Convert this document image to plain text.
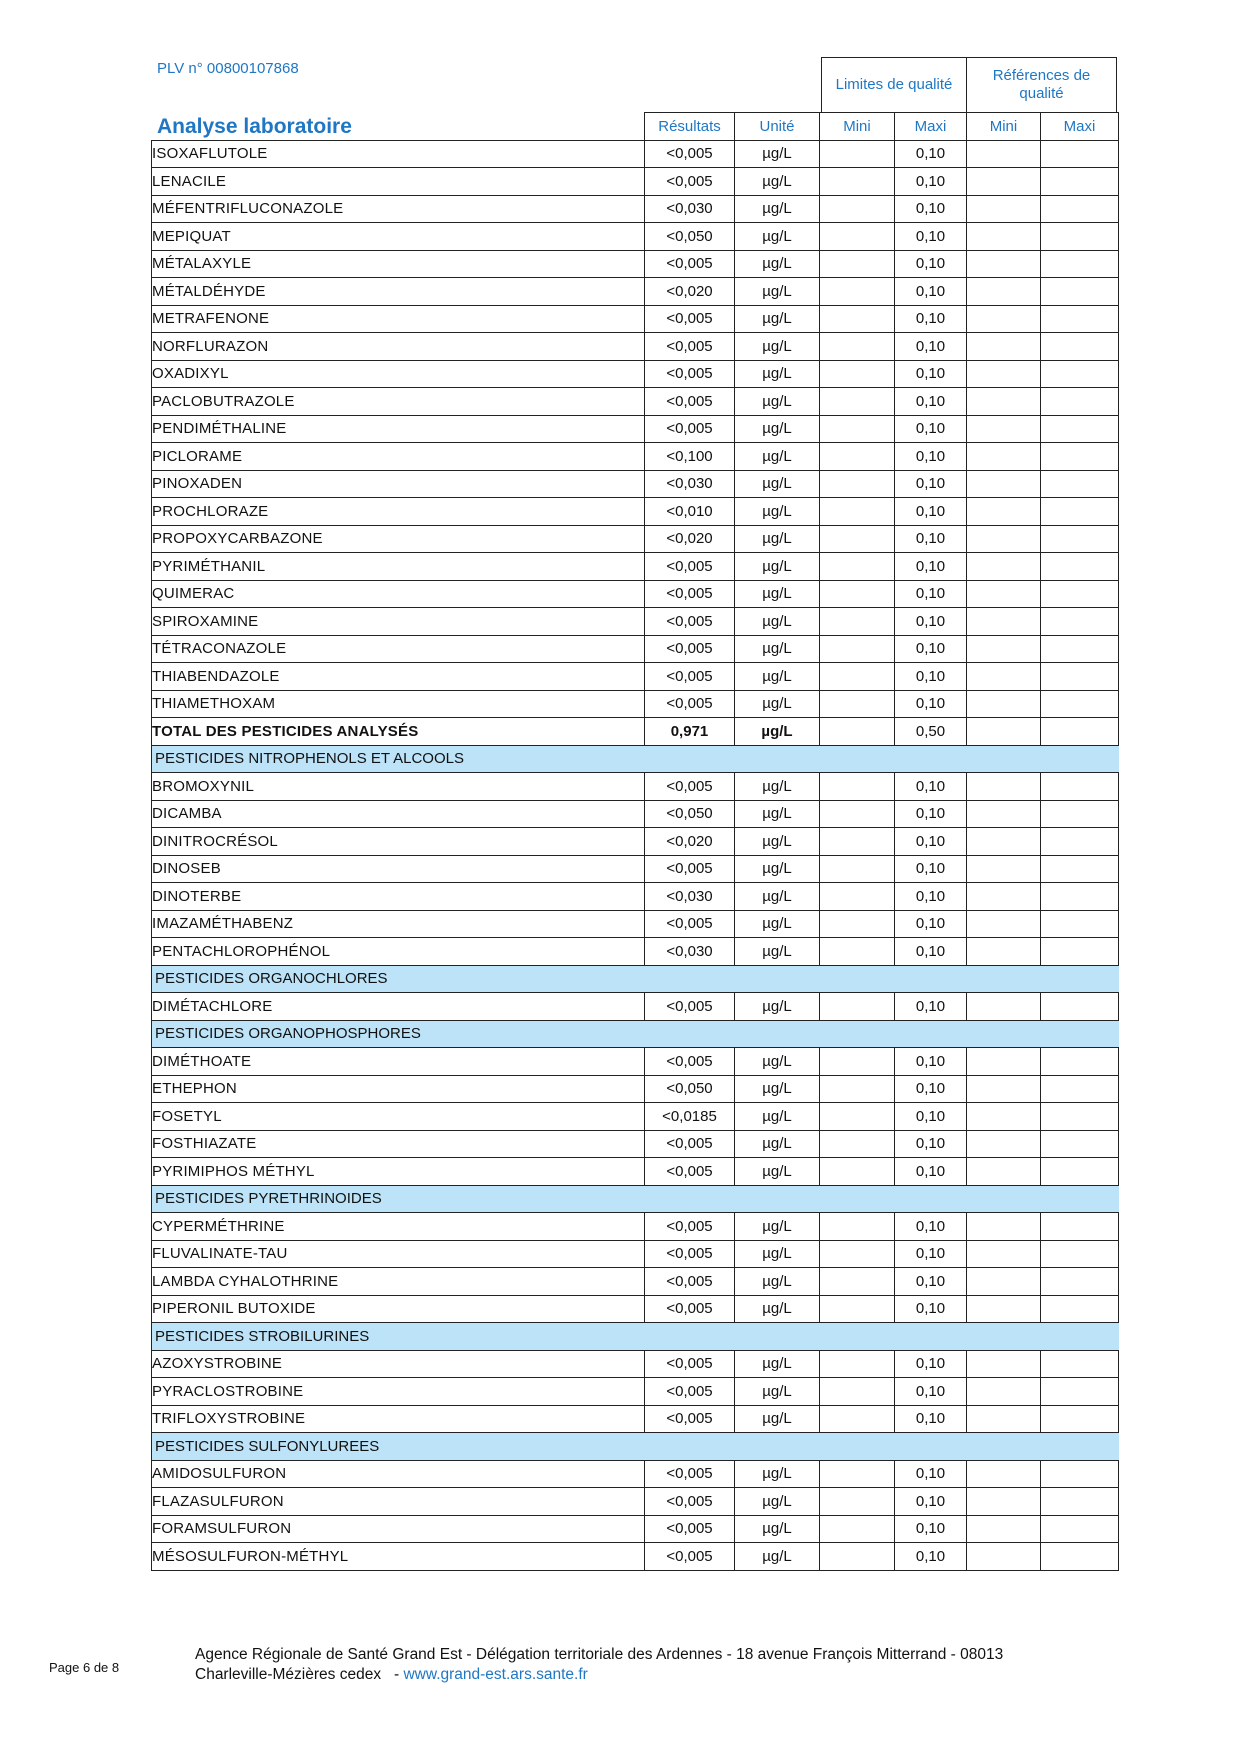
PLV n° 00800107868
Limites de qualité
Références de qualité
Analyse laboratoire
		Résultats	Unité	Mini	Maxi	Mini	Maxi
ISOXAFLUTOLE	<0,005	µg/L		0,10		
LENACILE	<0,005	µg/L		0,10		
MÉFENTRIFLUCONAZOLE	<0,030	µg/L		0,10		
MEPIQUAT	<0,050	µg/L		0,10		
MÉTALAXYLE	<0,005	µg/L		0,10		
MÉTALDÉHYDE	<0,020	µg/L		0,10		
METRAFENONE	<0,005	µg/L		0,10		
NORFLURAZON	<0,005	µg/L		0,10		
OXADIXYL	<0,005	µg/L		0,10		
PACLOBUTRAZOLE	<0,005	µg/L		0,10		
PENDIMÉTHALINE	<0,005	µg/L		0,10		
PICLORAME	<0,100	µg/L		0,10		
PINOXADEN	<0,030	µg/L		0,10		
PROCHLORAZE	<0,010	µg/L		0,10		
PROPOXYCARBAZONE	<0,020	µg/L		0,10		
PYRIMÉTHANIL	<0,005	µg/L		0,10		
QUIMERAC	<0,005	µg/L		0,10		
SPIROXAMINE	<0,005	µg/L		0,10		
TÉTRACONAZOLE	<0,005	µg/L		0,10		
THIABENDAZOLE	<0,005	µg/L		0,10		
THIAMETHOXAM	<0,005	µg/L		0,10		
TOTAL DES PESTICIDES ANALYSÉS	0,971	µg/L		0,50		
PESTICIDES NITROPHENOLS ET ALCOOLS						
BROMOXYNIL	<0,005	µg/L		0,10		
DICAMBA	<0,050	µg/L		0,10		
DINITROCRÉSOL	<0,020	µg/L		0,10		
DINOSEB	<0,005	µg/L		0,10		
DINOTERBE	<0,030	µg/L		0,10		
IMAZAMÉTHABENZ	<0,005	µg/L		0,10		
PENTACHLOROPHÉNOL	<0,030	µg/L		0,10		
PESTICIDES ORGANOCHLORES						
DIMÉTACHLORE	<0,005	µg/L		0,10		
PESTICIDES ORGANOPHOSPHORES						
DIMÉTHOATE	<0,005	µg/L		0,10		
ETHEPHON	<0,050	µg/L		0,10		
FOSETYL	<0,0185	µg/L		0,10		
FOSTHIAZATE	<0,005	µg/L		0,10		
PYRIMIPHOS MÉTHYL	<0,005	µg/L		0,10		
PESTICIDES PYRETHRINOIDES						
CYPERMÉTHRINE	<0,005	µg/L		0,10		
FLUVALINATE-TAU	<0,005	µg/L		0,10		
LAMBDA CYHALOTHRINE	<0,005	µg/L		0,10		
PIPERONIL BUTOXIDE	<0,005	µg/L		0,10		
PESTICIDES STROBILURINES						
AZOXYSTROBINE	<0,005	µg/L		0,10		
PYRACLOSTROBINE	<0,005	µg/L		0,10		
TRIFLOXYSTROBINE	<0,005	µg/L		0,10		
PESTICIDES SULFONYLUREES						
AMIDOSULFURON	<0,005	µg/L		0,10		
FLAZASULFURON	<0,005	µg/L		0,10		
FORAMSULFURON	<0,005	µg/L		0,10		
MÉSOSULFURON-MÉTHYL	<0,005	µg/L		0,10		
Page 6 de 8
Agence Régionale de Santé Grand Est - Délégation territoriale des Ardennes - 18 avenue François Mitterrand - 08013
Charleville-Mézières cedex   - www.grand-est.ars.sante.fr
